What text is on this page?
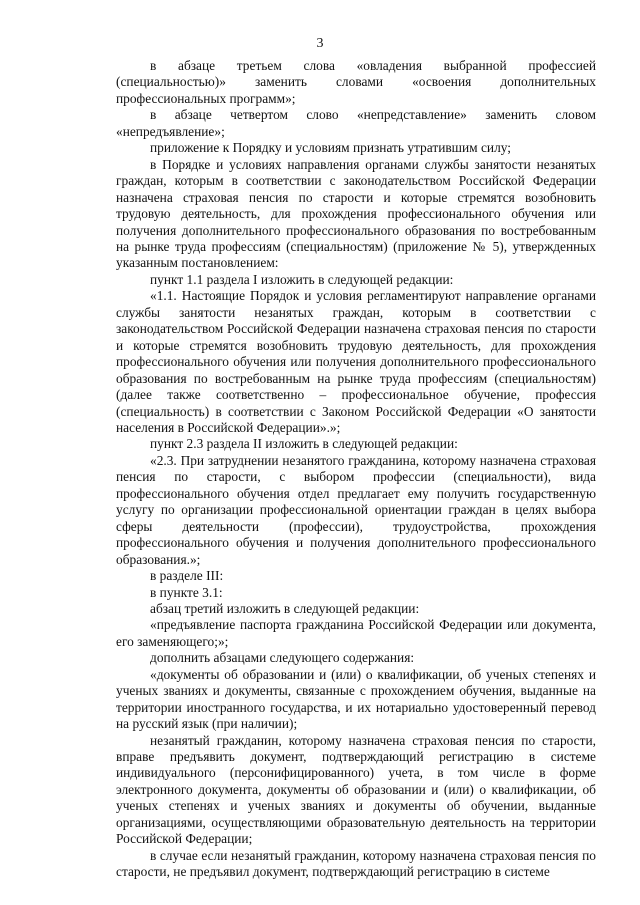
3

в абзаце третьем слова «овладения выбранной профессией (специальностью)» заменить словами «освоения дополнительных профессиональных программ»;

в абзаце четвертом слово «непредставление» заменить словом «непредъявление»;

приложение к Порядку и условиям признать утратившим силу;

в Порядке и условиях направления органами службы занятости незанятых граждан, которым в соответствии с законодательством Российской Федерации назначена страховая пенсия по старости и которые стремятся возобновить трудовую деятельность, для прохождения профессионального обучения или получения дополнительного профессионального образования по востребованным на рынке труда профессиям (специальностям) (приложение № 5), утвержденных указанным постановлением:

пункт 1.1 раздела I изложить в следующей редакции:

«1.1. Настоящие Порядок и условия регламентируют направление органами службы занятости незанятых граждан, которым в соответствии с законодательством Российской Федерации назначена страховая пенсия по старости и которые стремятся возобновить трудовую деятельность, для прохождения профессионального обучения или получения дополнительного профессионального образования по востребованным на рынке труда профессиям (специальностям) (далее также соответственно – профессиональное обучение, профессия (специальность) в соответствии с Законом Российской Федерации «О занятости населения в Российской Федерации».»;

пункт 2.3 раздела II изложить в следующей редакции:

«2.3. При затруднении незанятого гражданина, которому назначена страховая пенсия по старости, с выбором профессии (специальности), вида профессионального обучения отдел предлагает ему получить государственную услугу по организации профессиональной ориентации граждан в целях выбора сферы деятельности (профессии), трудоустройства, прохождения профессионального обучения и получения дополнительного профессионального образования.»;

в разделе III:

в пункте 3.1:

абзац третий изложить в следующей редакции:

«предъявление паспорта гражданина Российской Федерации или документа, его заменяющего;»;

дополнить абзацами следующего содержания:

«документы об образовании и (или) о квалификации, об ученых степенях и ученых званиях и документы, связанные с прохождением обучения, выданные на территории иностранного государства, и их нотариально удостоверенный перевод на русский язык (при наличии);

незанятый гражданин, которому назначена страховая пенсия по старости, вправе предъявить документ, подтверждающий регистрацию в системе индивидуального (персонифицированного) учета, в том числе в форме электронного документа, документы об образовании и (или) о квалификации, об ученых степенях и ученых званиях и документы об обучении, выданные организациями, осуществляющими образовательную деятельность на территории Российской Федерации;

в случае если незанятый гражданин, которому назначена страховая пенсия по старости, не предъявил документ, подтверждающий регистрацию в системе
